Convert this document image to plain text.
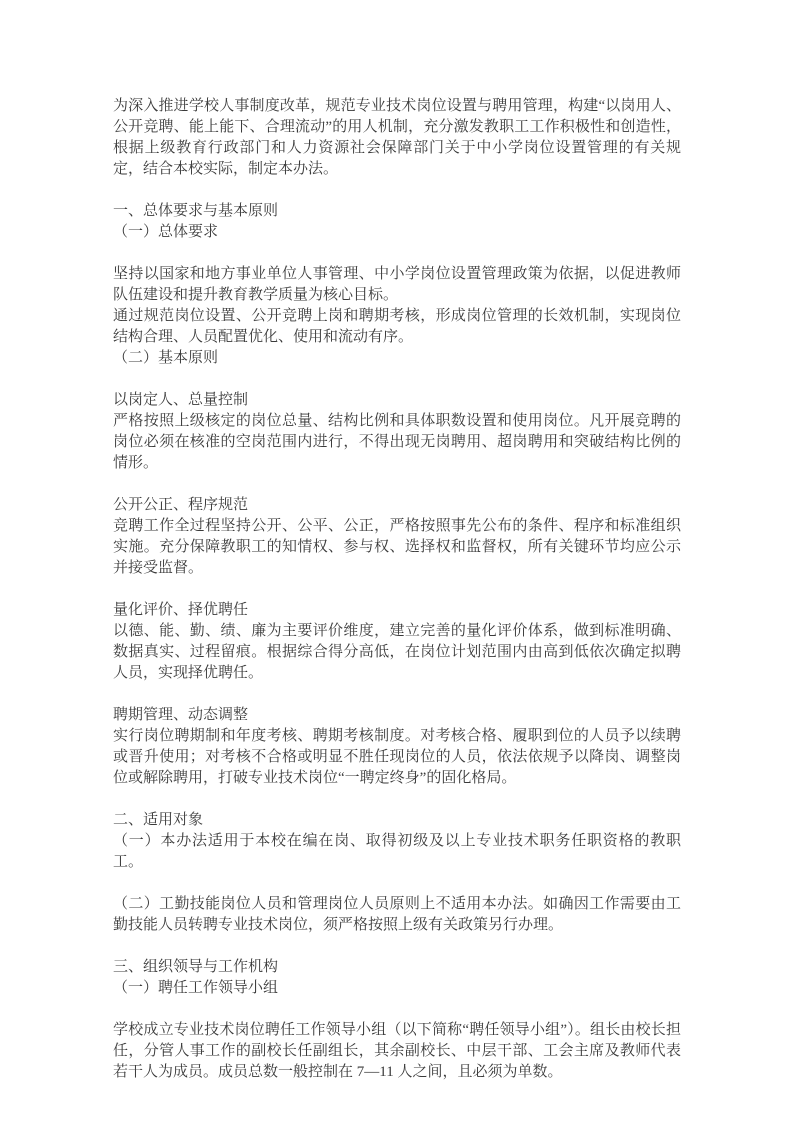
为深入推进学校人事制度改革，规范专业技术岗位设置与聘用管理，构建“以岗用人、公开竞聘、能上能下、合理流动”的用人机制，充分激发教职工工作积极性和创造性，根据上级教育行政部门和人力资源社会保障部门关于中小学岗位设置管理的有关规定，结合本校实际，制定本办法。

一、总体要求与基本原则

（一）总体要求

坚持以国家和地方事业单位人事管理、中小学岗位设置管理政策为依据，以促进教师队伍建设和提升教育教学质量为核心目标。

通过规范岗位设置、公开竞聘上岗和聘期考核，形成岗位管理的长效机制，实现岗位结构合理、人员配置优化、使用和流动有序。

（二）基本原则

以岗定人、总量控制

严格按照上级核定的岗位总量、结构比例和具体职数设置和使用岗位。凡开展竞聘的岗位必须在核准的空岗范围内进行，不得出现无岗聘用、超岗聘用和突破结构比例的情形。

公开公正、程序规范

竞聘工作全过程坚持公开、公平、公正，严格按照事先公布的条件、程序和标准组织实施。充分保障教职工的知情权、参与权、选择权和监督权，所有关键环节均应公示并接受监督。

量化评价、择优聘任

以德、能、勤、绩、廉为主要评价维度，建立完善的量化评价体系，做到标准明确、数据真实、过程留痕。根据综合得分高低，在岗位计划范围内由高到低依次确定拟聘人员，实现择优聘任。

聘期管理、动态调整

实行岗位聘期制和年度考核、聘期考核制度。对考核合格、履职到位的人员予以续聘或晋升使用；对考核不合格或明显不胜任现岗位的人员，依法依规予以降岗、调整岗位或解除聘用，打破专业技术岗位“一聘定终身”的固化格局。

二、适用对象

（一）本办法适用于本校在编在岗、取得初级及以上专业技术职务任职资格的教职工。

（二）工勤技能岗位人员和管理岗位人员原则上不适用本办法。如确因工作需要由工勤技能人员转聘专业技术岗位，须严格按照上级有关政策另行办理。

三、组织领导与工作机构

（一）聘任工作领导小组

学校成立专业技术岗位聘任工作领导小组（以下简称“聘任领导小组”）。组长由校长担任，分管人事工作的副校长任副组长，其余副校长、中层干部、工会主席及教师代表若干人为成员。成员总数一般控制在 7—11 人之间，且必须为单数。
